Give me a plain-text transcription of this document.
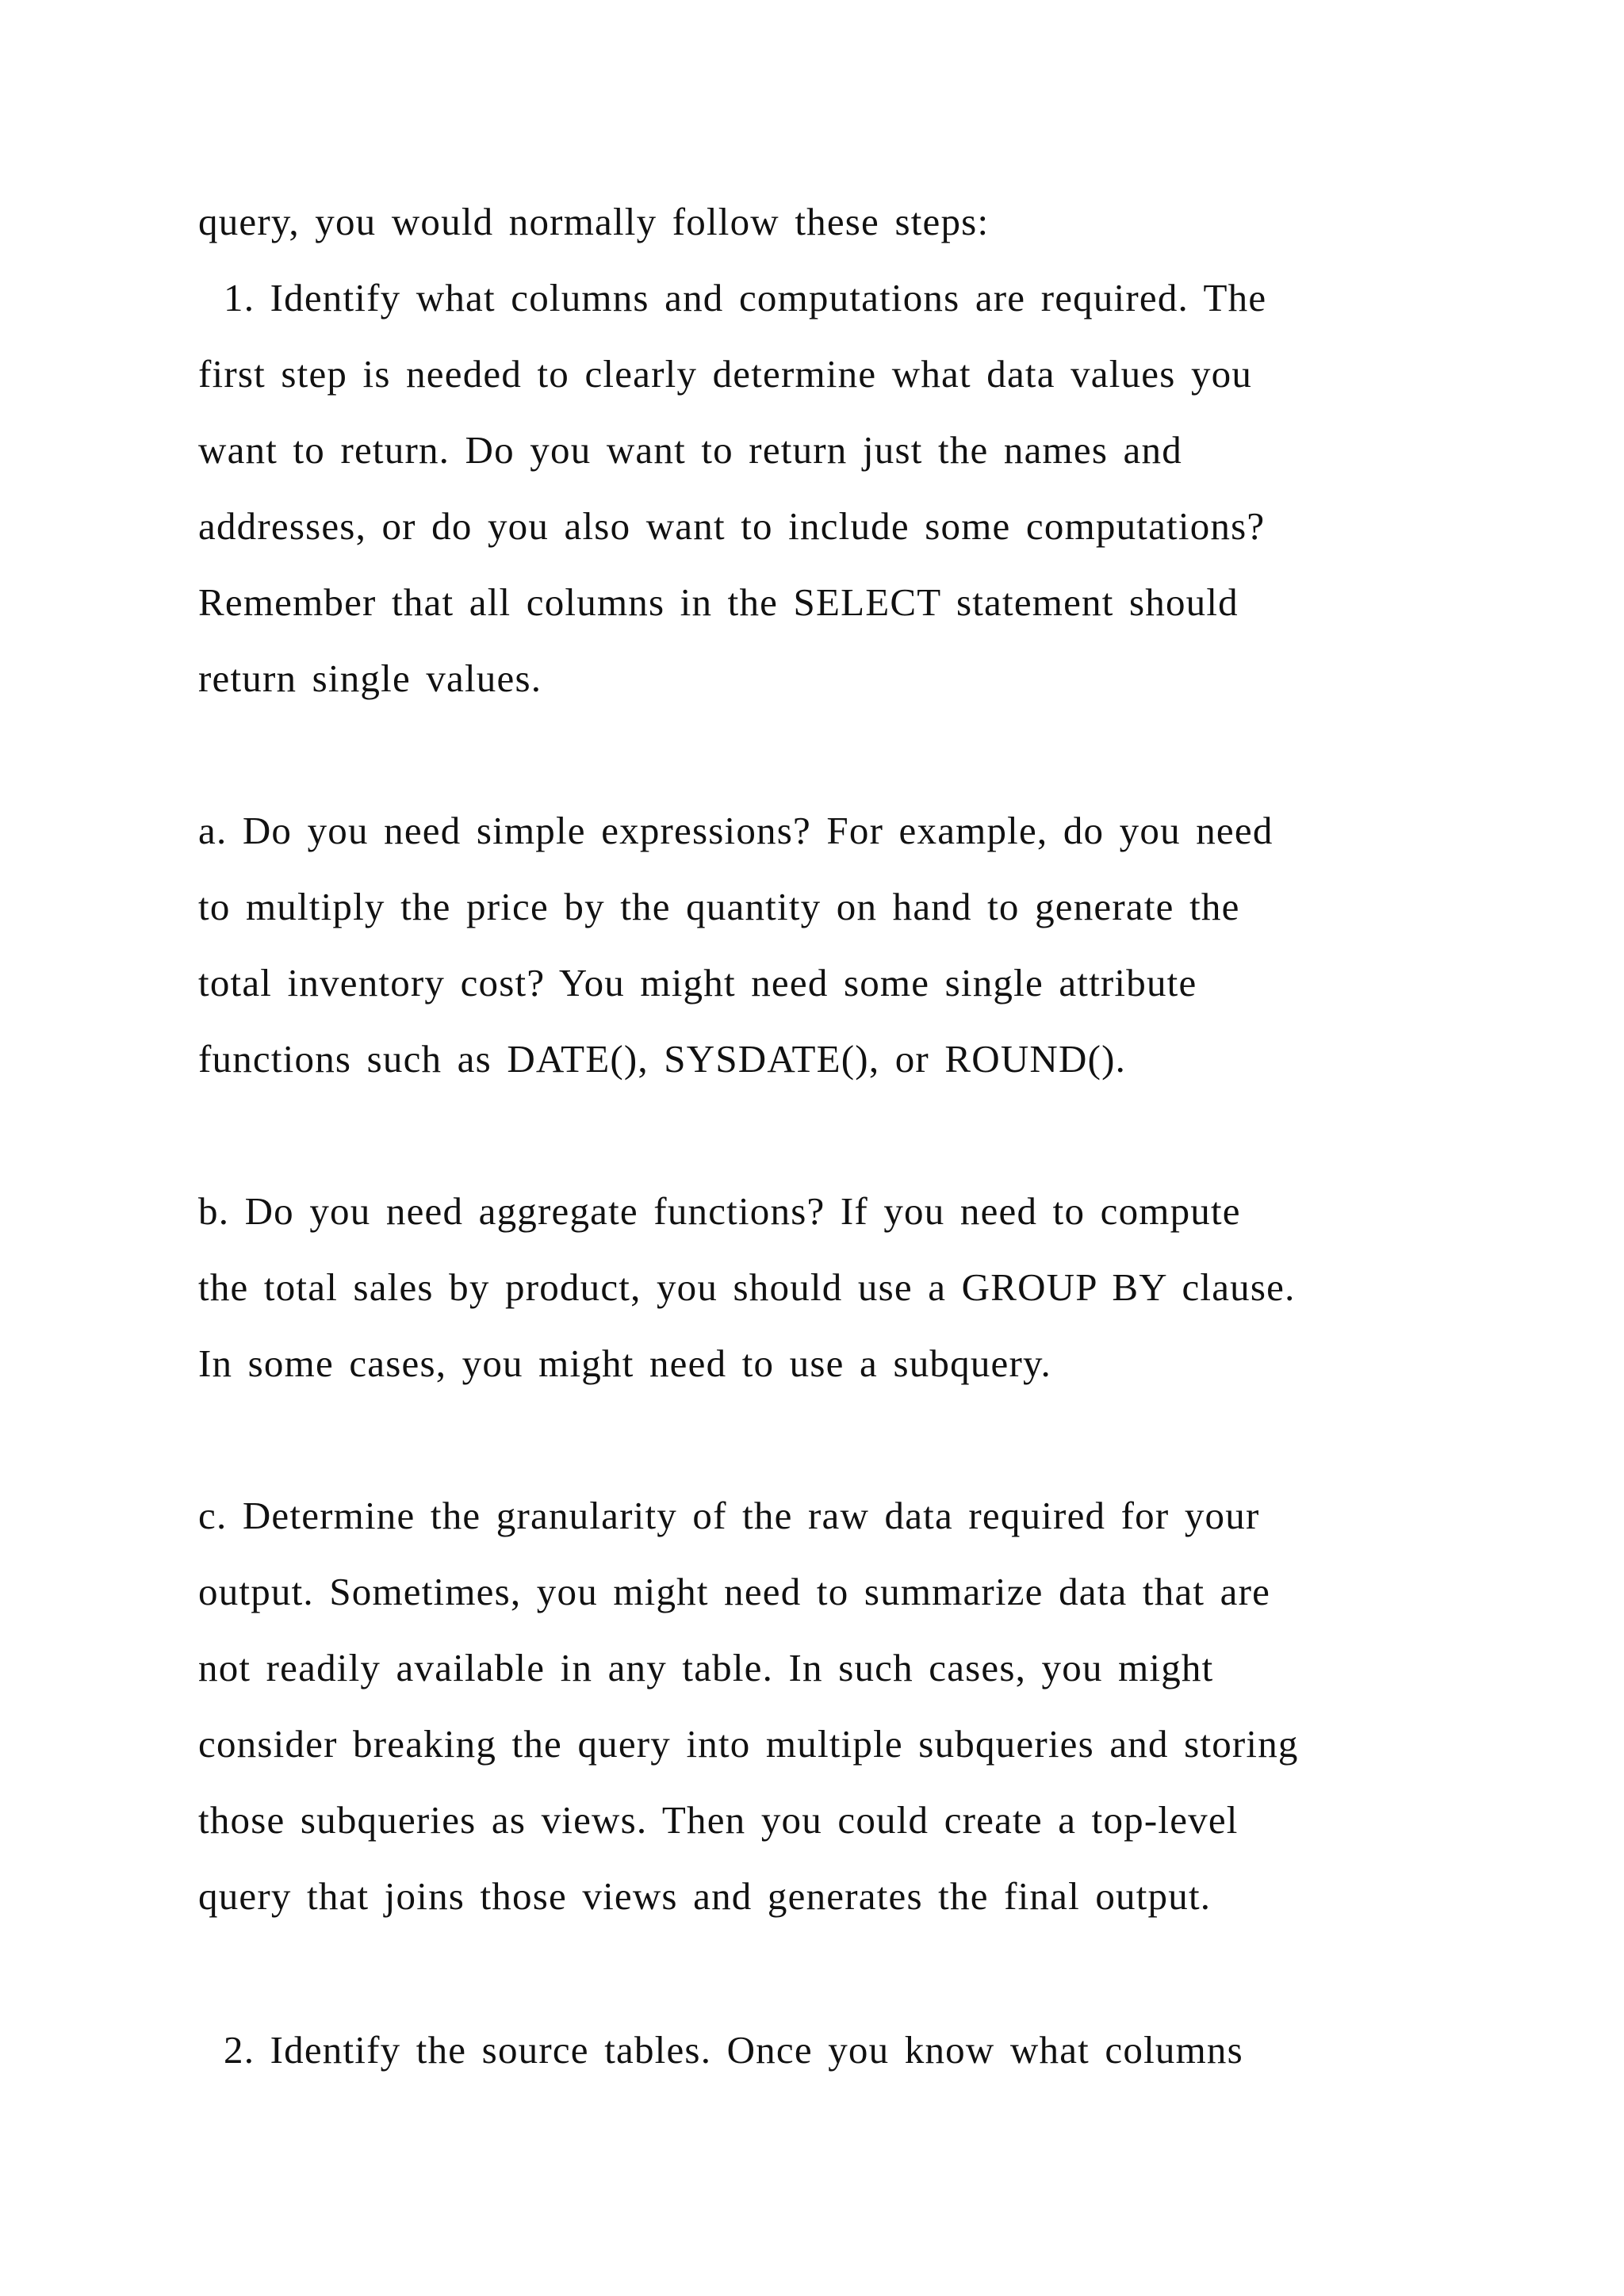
query, you would normally follow these steps:

1. Identify what columns and computations are required. The

first step is needed to clearly determine what data values you

want to return. Do you want to return just the names and

addresses, or do you also want to include some computations?

Remember that all columns in the SELECT statement should

return single values.

a. Do you need simple expressions? For example, do you need

to multiply the price by the quantity on hand to generate the

total inventory cost? You might need some single attribute

functions such as DATE(), SYSDATE(), or ROUND().

b. Do you need aggregate functions? If you need to compute

the total sales by product, you should use a GROUP BY clause.

In some cases, you might need to use a subquery.

c. Determine the granularity of the raw data required for your

output. Sometimes, you might need to summarize data that are

not readily available in any table. In such cases, you might

consider breaking the query into multiple subqueries and storing

those subqueries as views. Then you could create a top-level

query that joins those views and generates the final output.

2. Identify the source tables. Once you know what columns
